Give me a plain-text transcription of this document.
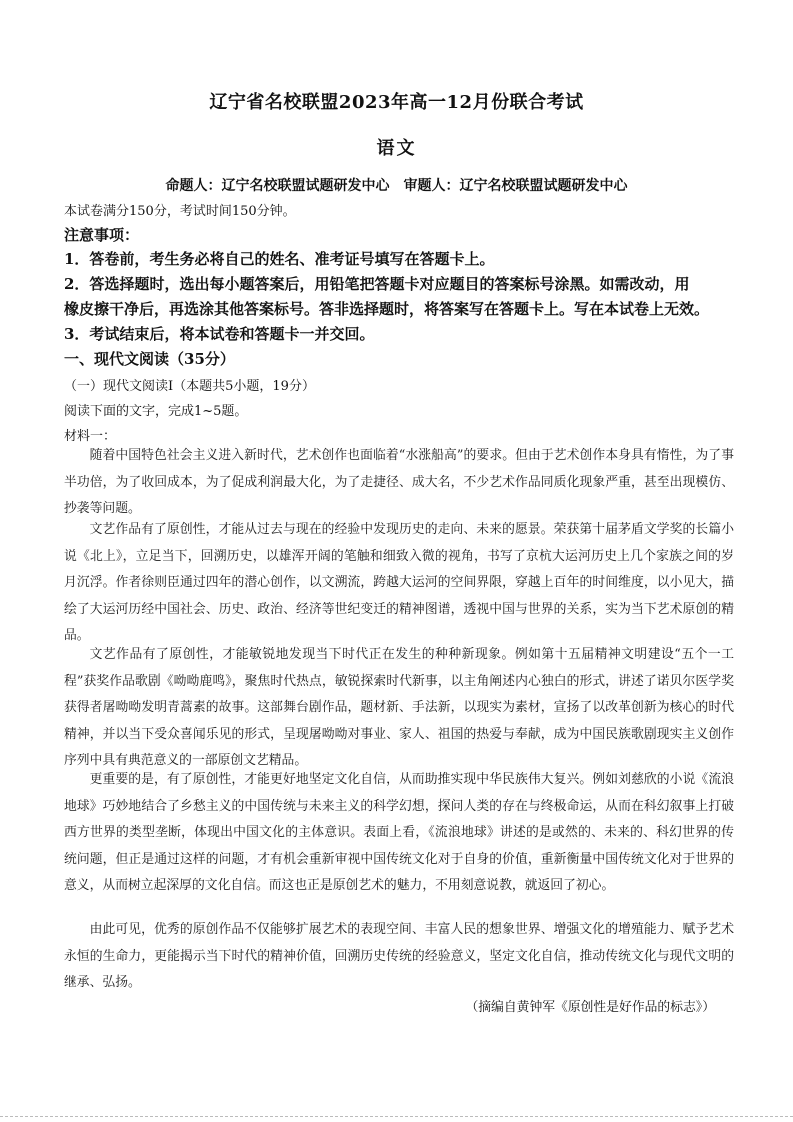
辽宁省名校联盟2023年高一12月份联合考试
语文
命题人：辽宁名校联盟试题研发中心　审题人：辽宁名校联盟试题研发中心
本试卷满分150分，考试时间150分钟。
注意事项：
1．答卷前，考生务必将自己的姓名、准考证号填写在答题卡上。
2．答选择题时，选出每小题答案后，用铅笔把答题卡对应题目的答案标号涂黑。如需改动，用
橡皮擦干净后，再选涂其他答案标号。答非选择题时，将答案写在答题卡上。写在本试卷上无效。
3．考试结束后，将本试卷和答题卡一并交回。
一、现代文阅读（35分）
（一）现代文阅读Ⅰ（本题共5小题，19分）
阅读下面的文字，完成1~5题。
材料一：

随着中国特色社会主义进入新时代，艺术创作也面临着“水涨船高”的要求。但由于艺术创作本身具有惰性，为了事半功倍，为了收回成本，为了促成利润最大化，为了走捷径、成大名，不少艺术作品同质化现象严重，甚至出现模仿、抄袭等问题。

文艺作品有了原创性，才能从过去与现在的经验中发现历史的走向、未来的愿景。荣获第十届茅盾文学奖的长篇小说《北上》，立足当下，回溯历史，以雄浑开阔的笔触和细致入微的视角，书写了京杭大运河历史上几个家族之间的岁月沉浮。作者徐则臣通过四年的潜心创作，以文溯流，跨越大运河的空间界限，穿越上百年的时间维度，以小见大，描绘了大运河历经中国社会、历史、政治、经济等世纪变迁的精神图谱，透视中国与世界的关系，实为当下艺术原创的精品。

文艺作品有了原创性，才能敏锐地发现当下时代正在发生的种种新现象。例如第十五届精神文明建设“五个一工程”获奖作品歌剧《呦呦鹿鸣》，聚焦时代热点，敏锐探索时代新事，以主角阐述内心独白的形式，讲述了诺贝尔医学奖获得者屠呦呦发明青蒿素的故事。这部舞台剧作品，题材新、手法新，以现实为素材，宣扬了以改革创新为核心的时代精神，并以当下受众喜闻乐见的形式，呈现屠呦呦对事业、家人、祖国的热爱与奉献，成为中国民族歌剧现实主义创作序列中具有典范意义的一部原创文艺精品。

更重要的是，有了原创性，才能更好地坚定文化自信，从而助推实现中华民族伟大复兴。例如刘慈欣的小说《流浪地球》巧妙地结合了乡愁主义的中国传统与未来主义的科学幻想，探问人类的存在与终极命运，从而在科幻叙事上打破西方世界的类型垄断，体现出中国文化的主体意识。表面上看，《流浪地球》讲述的是或然的、未来的、科幻世界的传统问题，但正是通过这样的问题，才有机会重新审视中国传统文化对于自身的价值，重新衡量中国传统文化对于世界的意义，从而树立起深厚的文化自信。而这也正是原创艺术的魅力，不用刻意说教，就返回了初心。

由此可见，优秀的原创作品不仅能够扩展艺术的表现空间、丰富人民的想象世界、增强文化的增殖能力、赋予艺术永恒的生命力，更能揭示当下时代的精神价值，回溯历史传统的经验意义，坚定文化自信，推动传统文化与现代文明的继承、弘扬。

（摘编自黄钟军《原创性是好作品的标志》）
